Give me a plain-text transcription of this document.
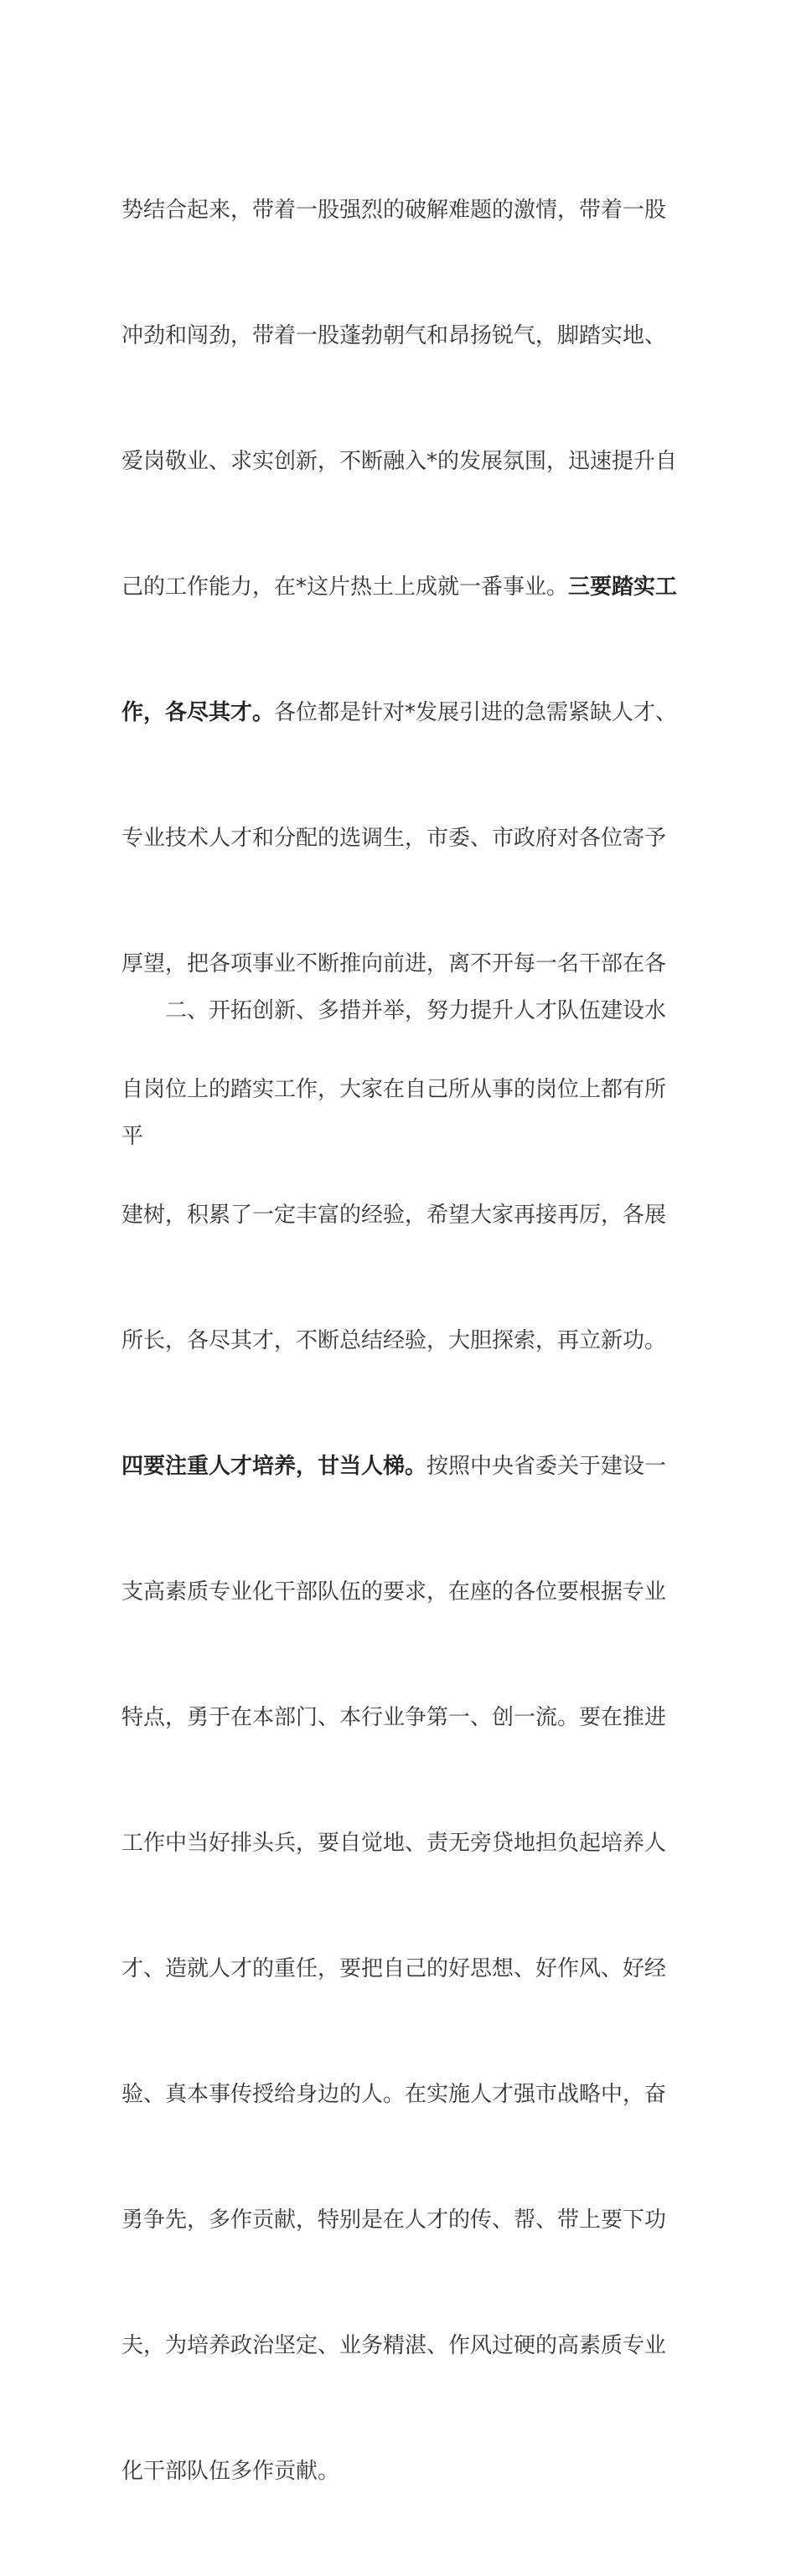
势结合起来，带着一股强烈的破解难题的激情，带着一股

冲劲和闯劲，带着一股蓬勃朝气和昂扬锐气，脚踏实地、

爱岗敬业、求实创新，不断融入*的发展氛围，迅速提升自

己的工作能力，在*这片热土上成就一番事业。三要踏实工

作，各尽其才。各位都是针对*发展引进的急需紧缺人才、

专业技术人才和分配的选调生，市委、市政府对各位寄予

厚望，把各项事业不断推向前进，离不开每一名干部在各

自岗位上的踏实工作，大家在自己所从事的岗位上都有所

建树，积累了一定丰富的经验，希望大家再接再厉，各展

所长，各尽其才，不断总结经验，大胆探索，再立新功。

四要注重人才培养，甘当人梯。按照中央省委关于建设一

支高素质专业化干部队伍的要求，在座的各位要根据专业

特点，勇于在本部门、本行业争第一、创一流。要在推进

工作中当好排头兵，要自觉地、责无旁贷地担负起培养人

才、造就人才的重任，要把自己的好思想、好作风、好经

验、真本事传授给身边的人。在实施人才强市战略中，奋

勇争先，多作贡献，特别是在人才的传、帮、带上要下功

夫，为培养政治坚定、业务精湛、作风过硬的高素质专业

化干部队伍多作贡献。

　　二、开拓创新、多措并举，努力提升人才队伍建设水

平
